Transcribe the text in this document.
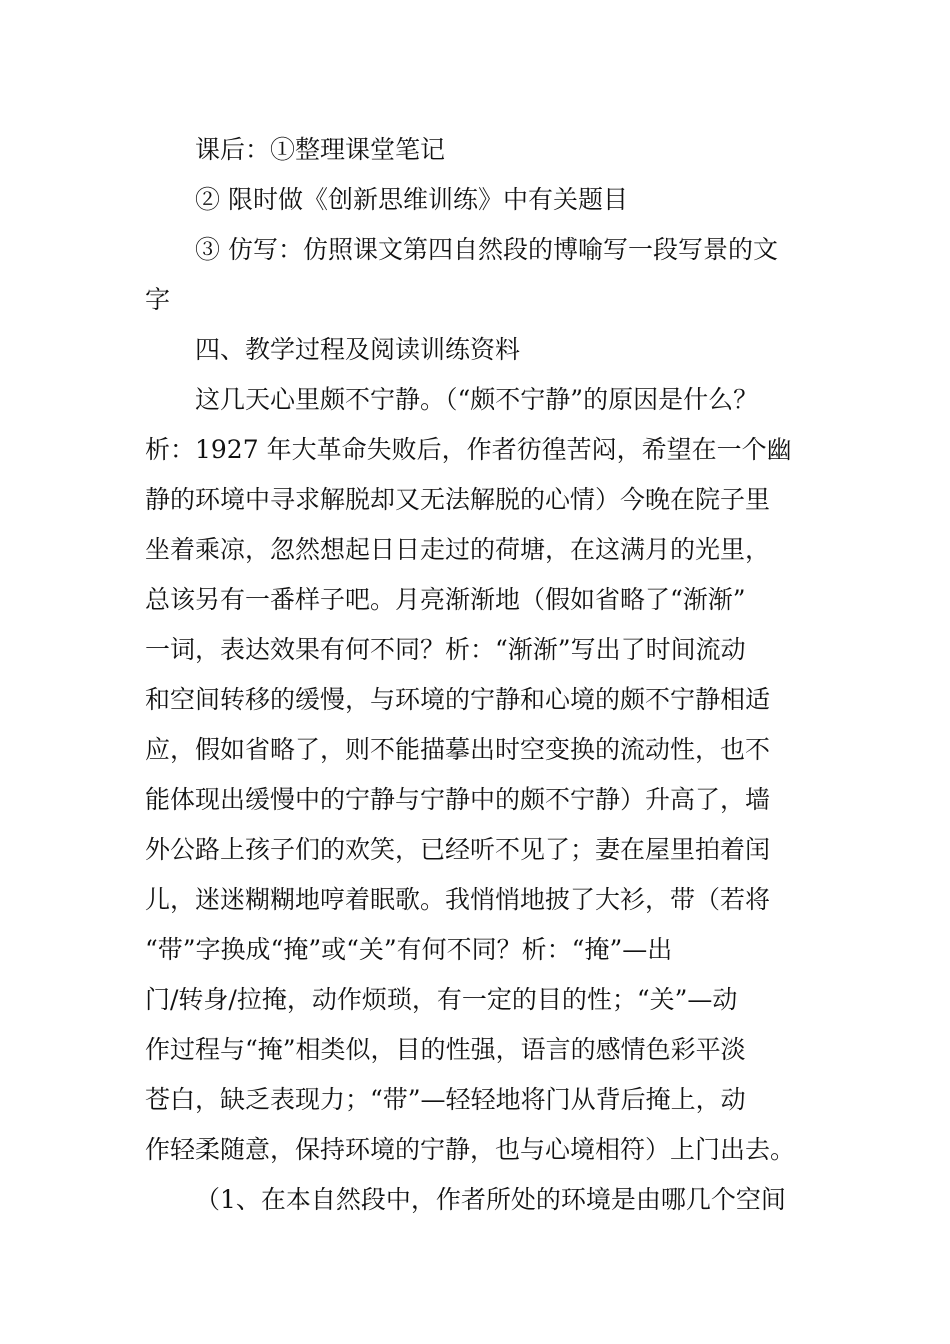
课后：①整理课堂笔记
② 限时做《创新思维训练》中有关题目
③ 仿写：仿照课文第四自然段的博喻写一段写景的文
字
四、教学过程及阅读训练资料
这几天心里颇不宁静。（“颇不宁静”的原因是什么？
析：1927 年大革命失败后，作者彷徨苦闷，希望在一个幽
静的环境中寻求解脱却又无法解脱的心情）今晚在院子里
坐着乘凉，忽然想起日日走过的荷塘，在这满月的光里，
总该另有一番样子吧。月亮渐渐地（假如省略了“渐渐”
一词，表达效果有何不同？析：“渐渐”写出了时间流动
和空间转移的缓慢，与环境的宁静和心境的颇不宁静相适
应，假如省略了，则不能描摹出时空变换的流动性，也不
能体现出缓慢中的宁静与宁静中的颇不宁静）升高了，墙
外公路上孩子们的欢笑，已经听不见了；妻在屋里拍着闰
儿，迷迷糊糊地哼着眠歌。我悄悄地披了大衫，带（若将
“带”字换成“掩”或“关”有何不同？析：“掩”—出
门/转身/拉掩，动作烦琐，有一定的目的性；“关”—动
作过程与“掩”相类似，目的性强，语言的感情色彩平淡
苍白，缺乏表现力；“带”—轻轻地将门从背后掩上，动
作轻柔随意，保持环境的宁静，也与心境相符）上门出去。
（1、在本自然段中，作者所处的环境是由哪几个空间
